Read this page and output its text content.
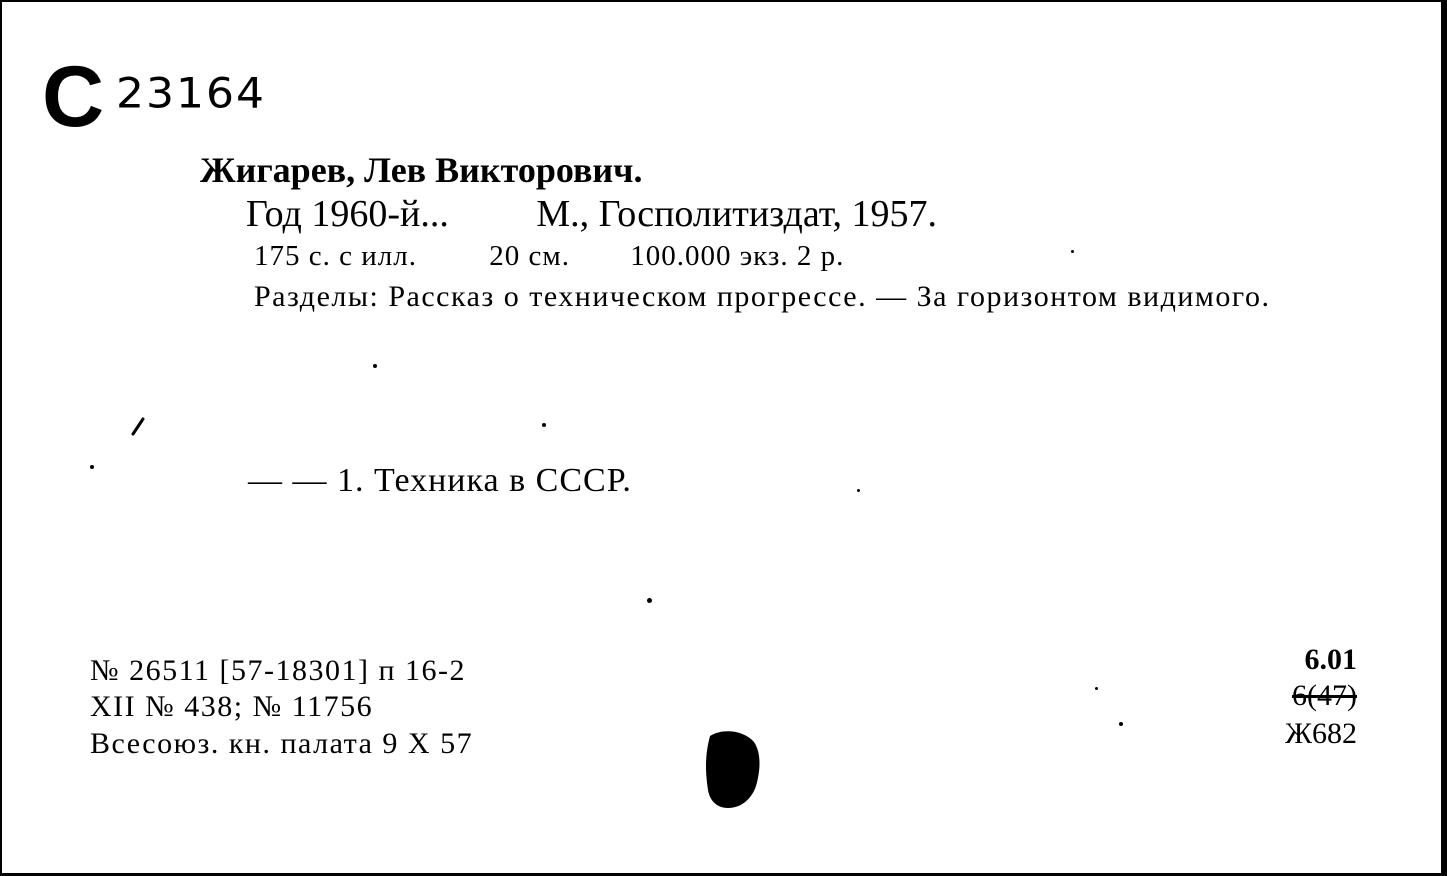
С 23164
Жигарев, Лев Викторович.
Год 1960-й... М., Госполитиздат, 1957.
175 с. с илл. 20 см. 100.000 экз. 2 р.
Разделы: Рассказ о техническом прогрессе. — За горизонтом видимого.
— — 1. Техника в СССР.
№ 26511 [57-18301] п 16-2
XII № 438; № 11756
Всесоюз. кн. палата 9 X 57
6.01
6(47)
Ж682
